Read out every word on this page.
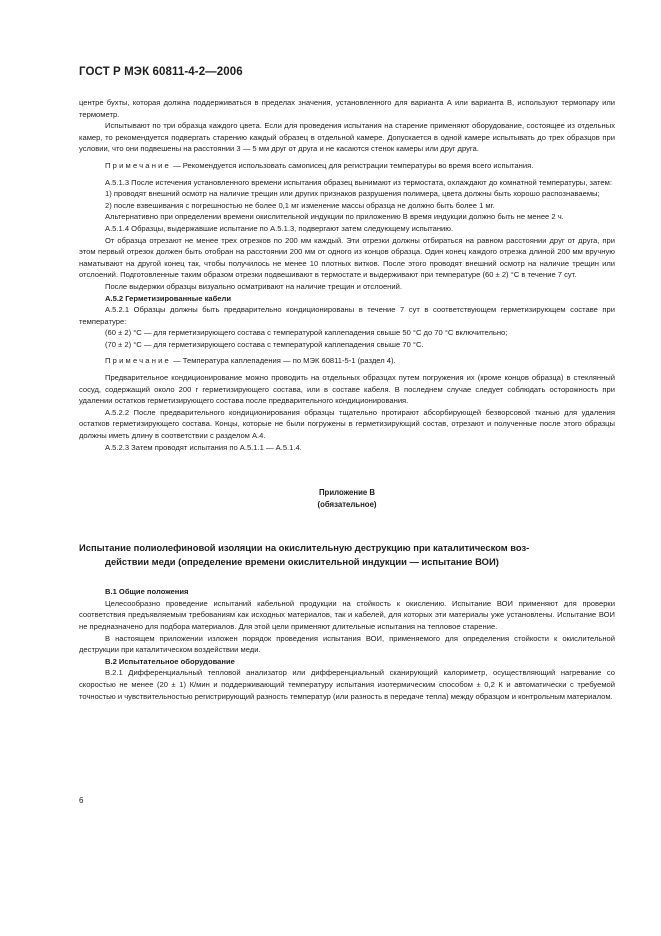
ГОСТ Р МЭК 60811-4-2—2006

центре бухты, которая должна поддерживаться в пределах значения, установленного для варианта А или варианта В, используют термопару или термометр.

Испытывают по три образца каждого цвета. Если для проведения испытания на старение применяют оборудование, состоящее из отдельных камер, то рекомендуется подвергать старению каждый образец в отдельной камере. Допускается в одной камере испытывать до трех образцов при условии, что они подвешены на расстоянии 3 — 5 мм друг от друга и не касаются стенок камеры или друг друга.

Примечание — Рекомендуется использовать самописец для регистрации температуры во время всего испытания.

А.5.1.3 После истечения установленного времени испытания образец вынимают из термостата, охлаждают до комнатной температуры, затем:

1) проводят внешний осмотр на наличие трещин или других признаков разрушения полимера, цвета должны быть хорошо распознаваемы;

2) после взвешивания с погрешностью не более 0,1 мг изменение массы образца не должно быть более 1 мг.

Альтернативно при определении времени окислительной индукции по приложению В время индукции должно быть не менее 2 ч.

А.5.1.4 Образцы, выдержавшие испытание по А.5.1.3, подвергают затем следующему испытанию.

От образца отрезают не менее трех отрезков по 200 мм каждый. Эти отрезки должны отбираться на равном расстоянии друг от друга, при этом первый отрезок должен быть отобран на расстоянии 200 мм от одного из концов образца. Один конец каждого отрезка длиной 200 мм вручную наматывают на другой конец так, чтобы получилось не менее 10 плотных витков. После этого проводят внешний осмотр на наличие трещин или отслоений. Подготовленные таким образом отрезки подвешивают в термостате и выдерживают при температуре (60 ± 2) °С в течение 7 сут.

После выдержки образцы визуально осматривают на наличие трещин и отслоений.

А.5.2 Герметизированные кабели

А.5.2.1 Образцы должны быть предварительно кондиционированы в течение 7 сут в соответствующем герметизирующем составе при температуре:

(60 ± 2) °С — для герметизирующего состава с температурой каплепадения свыше 50 °С до 70 °С включительно;

(70 ± 2) °С — для герметизирующего состава с температурой каплепадения свыше 70 °С.

Примечание — Температура каплепадения — по МЭК 60811-5-1 (раздел 4).

Предварительное кондиционирование можно проводить на отдельных образцах путем погружения их (кроме концов образца) в стеклянный сосуд, содержащий около 200 г герметизирующего состава, или в составе кабеля. В последнем случае следует соблюдать осторожность при удалении остатков герметизирующего состава после предварительного кондиционирования.

А.5.2.2 После предварительного кондиционирования образцы тщательно протирают абсорбирующей безворсовой тканью для удаления остатков герметизирующего состава. Концы, которые не были погружены в герметизирующий состав, отрезают и полученные после этого образцы должны иметь длину в соответствии с разделом А.4.

А.5.2.3 Затем проводят испытания по А.5.1.1 — А.5.1.4.

Приложение В
(обязательное)

Испытание полиолефиновой изоляции на окислительную деструкцию при каталитическом воз-
действии меди (определение времени окислительной индукции — испытание ВОИ)

В.1 Общие положения

Целесообразно проведение испытаний кабельной продукции на стойкость к окислению. Испытание ВОИ применяют для проверки соответствия предъявляемым требованиям как исходных материалов, так и кабелей, для которых эти материалы уже установлены. Испытание ВОИ не предназначено для подбора материалов. Для этой цели применяют длительные испытания на тепловое старение.

В настоящем приложении изложен порядок проведения испытания ВОИ, применяемого для определения стойкости к окислительной деструкции при каталитическом воздействии меди.

В.2 Испытательное оборудование

В.2.1 Дифференциальный тепловой анализатор или дифференциальный сканирующий калориметр, осуществляющий нагревание со скоростью не менее (20 ± 1) К/мин и поддерживающий температуру испытания изотермическим способом ± 0,2 К и автоматически с требуемой точностью и чувствительностью регистрирующий разность температур (или разность в передаче тепла) между образцом и контрольным материалом.

6
